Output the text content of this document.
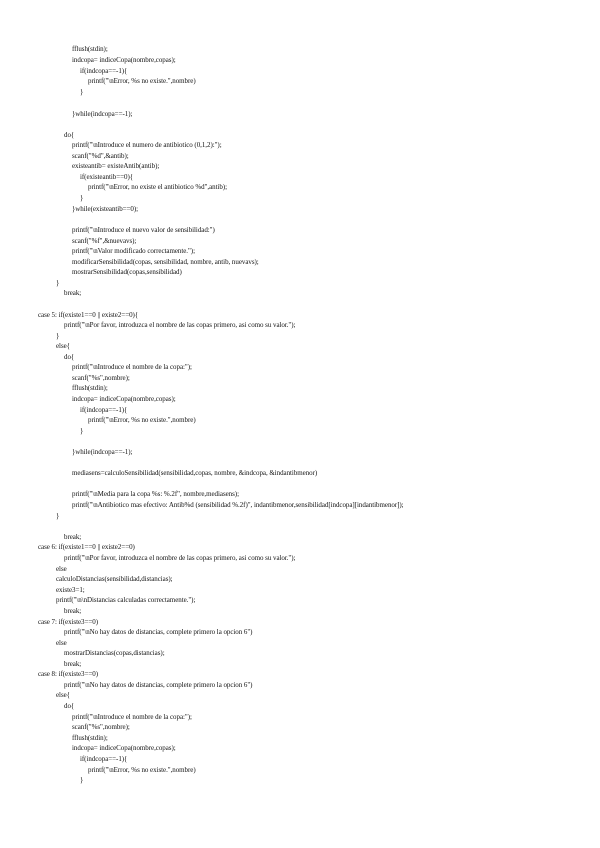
fflush(stdin);
indcopa= indiceCopa(nombre,copas);
if(indcopa==-1){
printf("\nError, %s no existe.",nombre)
}
}while(indcopa==-1);
do{
printf("\nIntroduce el numero de antibiotico (0,1,2):");
scanf("%d",&antib);
existeantib= existeAntib(antib);
if(existeantib==0){
printf("\nError, no existe el antibiotico %d",antib);
}
}while(existeantib==0);
printf("\nIntroduce el nuevo valor de sensibilidad:")
scanf("%f",&nuevavs);
printf("\nValor modificado correctamente.");
modificarSensibilidad(copas, sensibilidad, nombre, antib, nuevavs);
mostrarSensibilidad(copas,sensibilidad)
}
break;
case 5: if(existe1==0 || existe2==0){
printf("\nPor favor, introduzca el nombre de las copas primero, asi como su valor.");
}
else{
do{
printf("\nIntroduce el nombre de la copa:");
scanf("%s",nombre);
fflush(stdin);
indcopa= indiceCopa(nombre,copas);
if(indcopa==-1){
printf("\nError, %s no existe.",nombre)
}
}while(indcopa==-1);
mediasens=calculoSensibilidad(sensibilidad,copas, nombre, &indcopa, &indantibmenor)
printf("\nMedia para la copa %s: %.2f", nombre,mediasens);
printf("\nAntibiotico mas efectivo: Antib%d (sensibilidad %.2f)", indantibmenor,sensibilidad[indcopa][indantibmenor]);
}
break;
case 6: if(existe1==0 || existe2==0)
printf("\nPor favor, introduzca el nombre de las copas primero, asi como su valor.");
else
calculoDistancias(sensibilidad,distancias);
existe3=1;
printf("\n\nDistancias calculadas correctamente.");
break;
case 7: if(existe3==0)
printf("\nNo hay datos de distancias, complete primero la opcion 6")
else
mostrarDistancias(copas,distancias);
break;
case 8: if(existe3==0)
printf("\nNo hay datos de distancias, complete primero la opcion 6")
else{
do{
printf("\nIntroduce el nombre de la copa:");
scanf("%s",nombre);
fflush(stdin);
indcopa= indiceCopa(nombre,copas);
if(indcopa==-1){
printf("\nError, %s no existe.",nombre)
}
